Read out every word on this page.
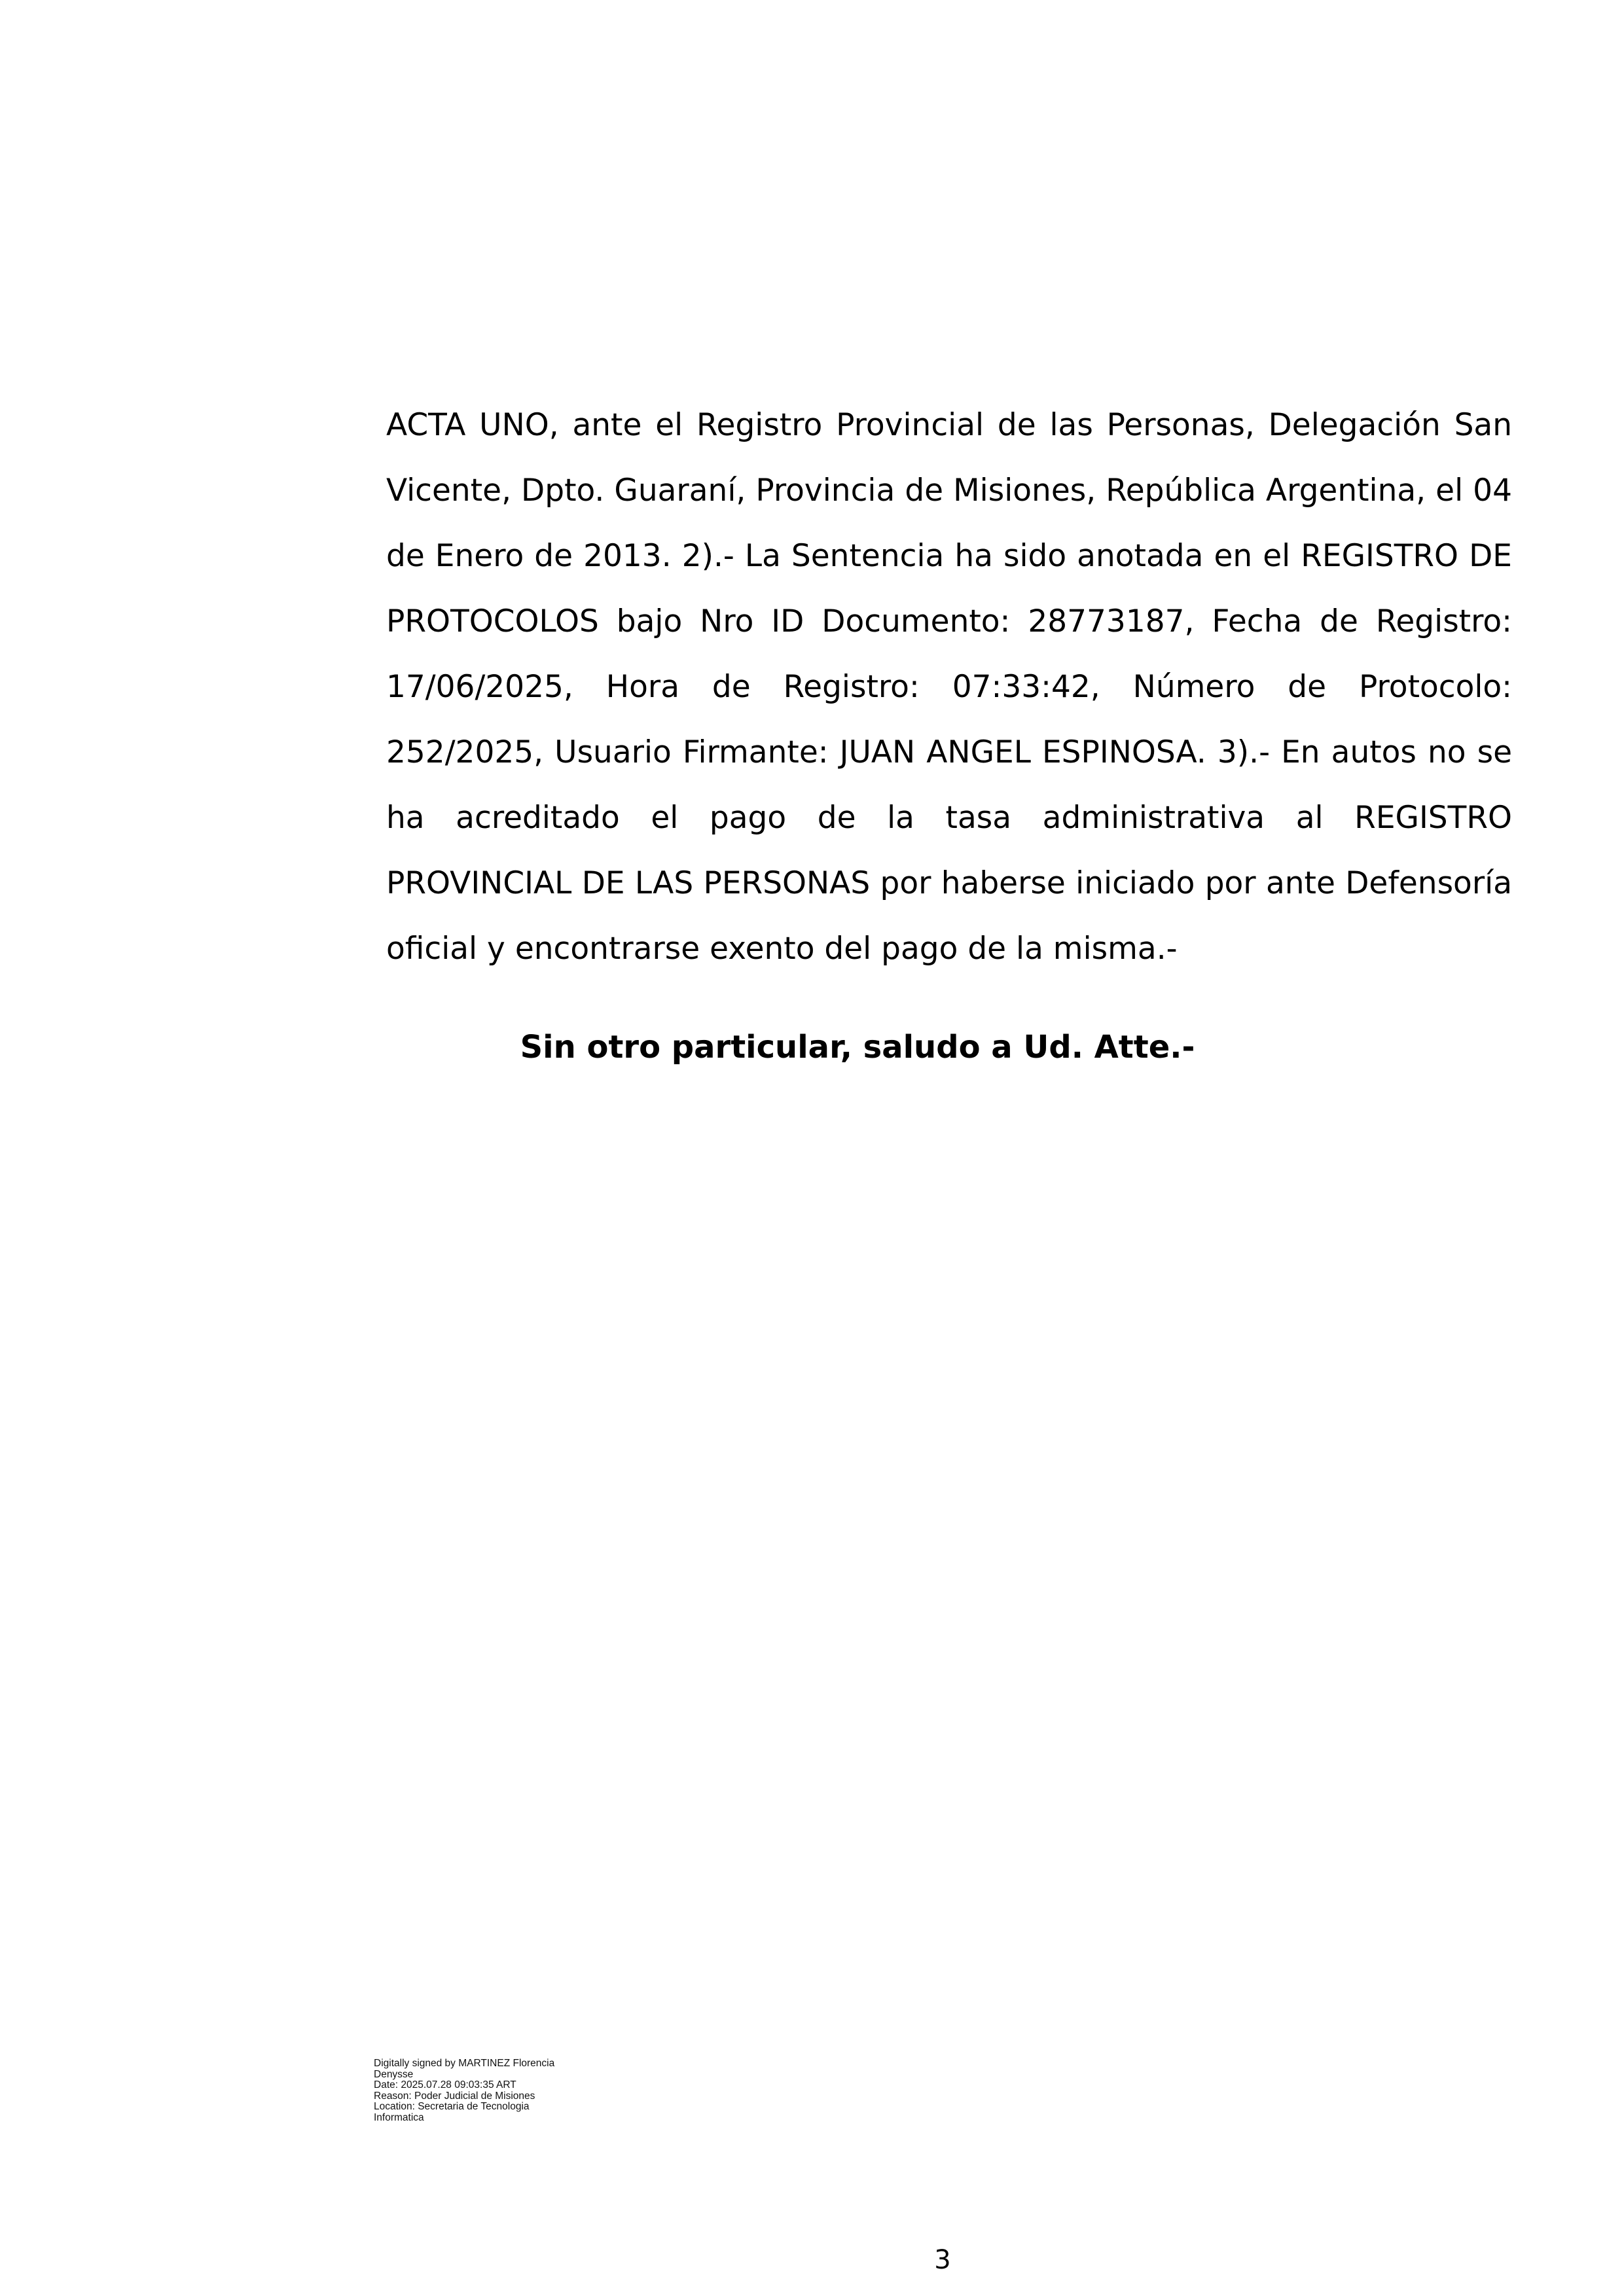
ACTA UNO, ante el Registro Provincial de las Personas, Delegación San Vicente, Dpto. Guaraní, Provincia de Misiones, República Argentina, el 04 de Enero de 2013. 2).- La Sentencia ha sido anotada en el REGISTRO DE PROTOCOLOS bajo Nro ID Documento: 28773187, Fecha de Registro: 17/06/2025, Hora de Registro: 07:33:42, Número de Protocolo: 252/2025, Usuario Firmante: JUAN ANGEL ESPINOSA. 3).- En autos no se ha acreditado el pago de la tasa administrativa al REGISTRO PROVINCIAL DE LAS PERSONAS por haberse iniciado por ante Defensoría oficial y encontrarse exento del pago de la misma.-

Sin otro particular, saludo a Ud. Atte.-

Digitally signed by MARTINEZ Florencia
Denysse
Date: 2025.07.28 09:03:35 ART
Reason: Poder Judicial de Misiones
Location: Secretaria de Tecnologia
Informatica
3
